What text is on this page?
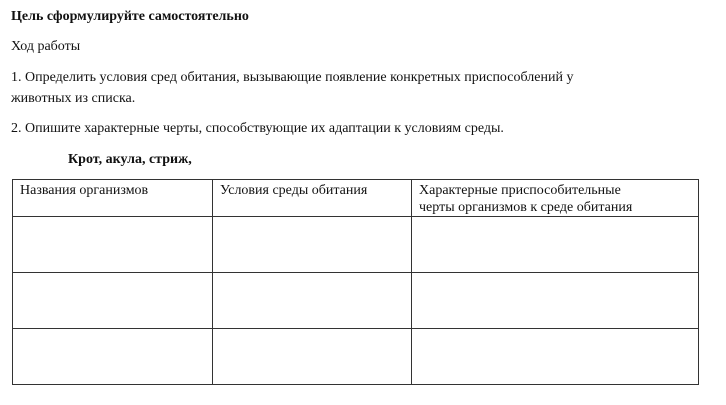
Цель сформулируйте самостоятельно
Ход работы
1. Определить условия сред обитания, вызывающие появление конкретных приспособлений у
животных из списка.
2. Опишите характерные черты, способствующие их адаптации к условиям среды.
Крот, акула, стриж,
Названия организмов	Условия среды обитания	Характерные приспособительные
черты организмов к среде обитания
